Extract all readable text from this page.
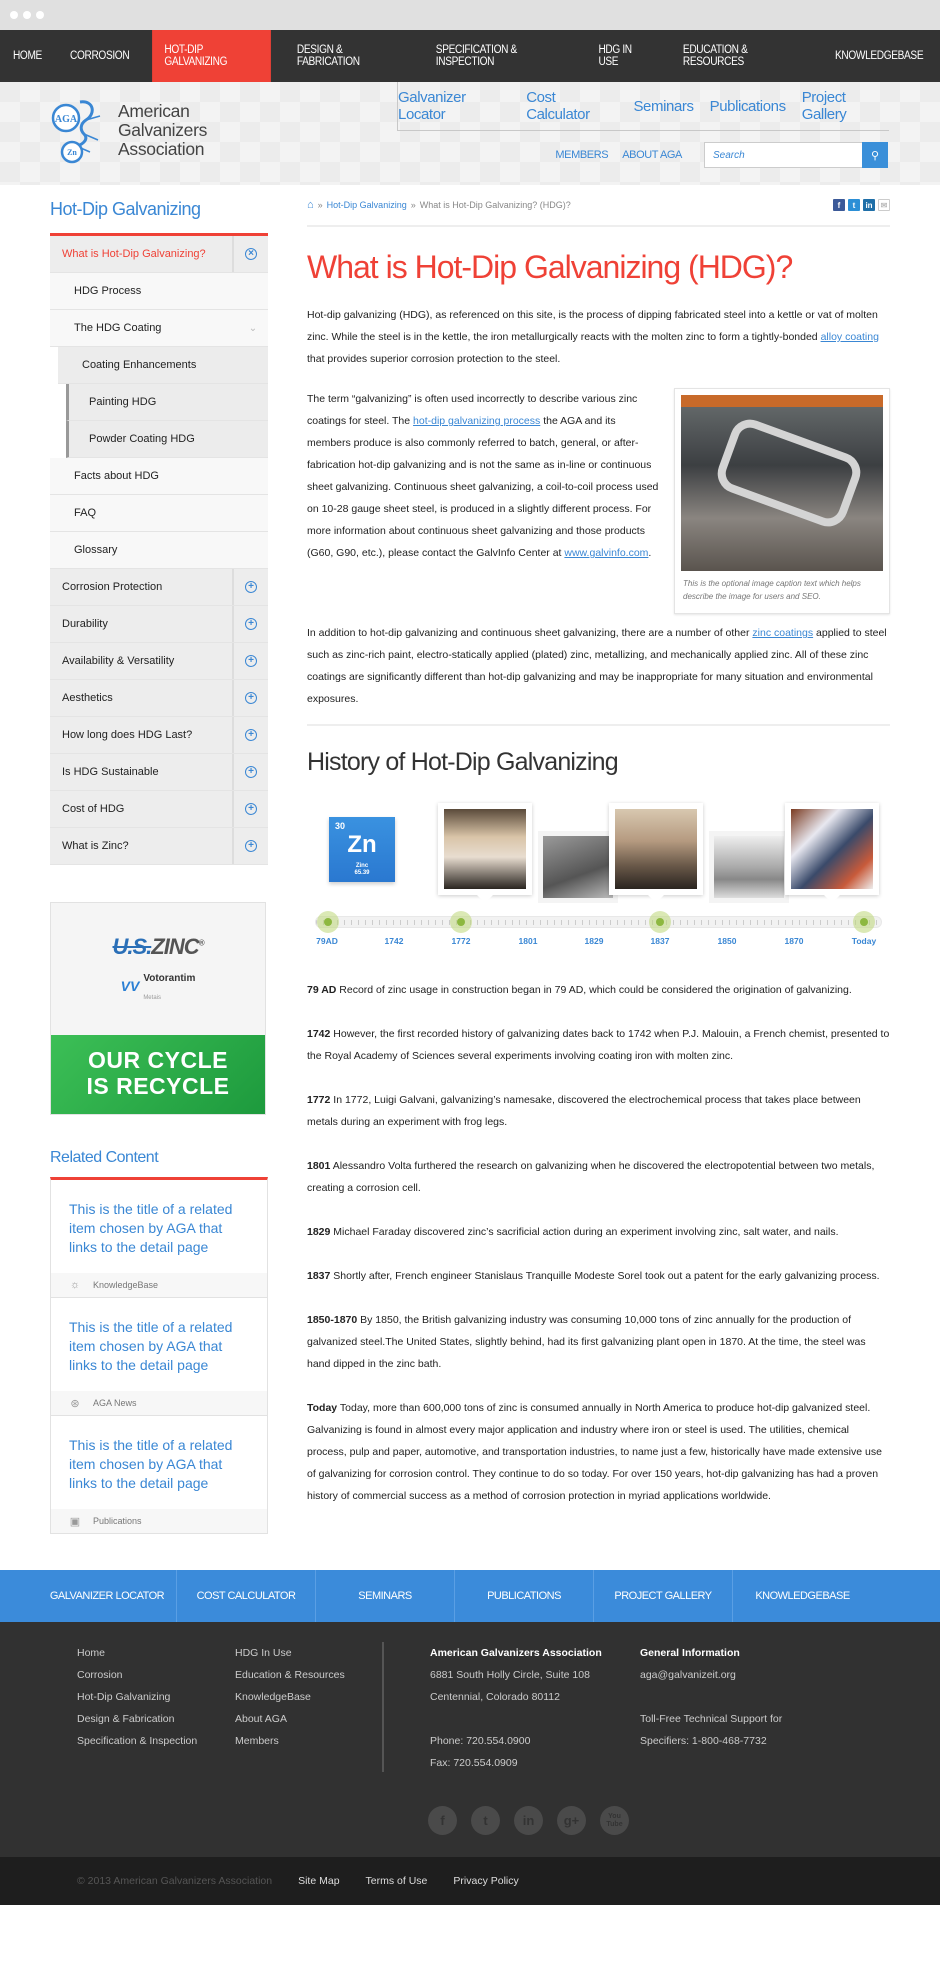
HOME	CORROSION	HOT-DIP GALVANIZING
DESIGN & FABRICATION
SPECIFICATION & INSPECTION
HDG IN USE
EDUCATION & RESOURCES	KNOWLEDGEBASE
AGA
Zn
American
Galvanizers
Association
Galvanizer Locator
Cost Calculator	Seminars Publications Project Gallery
MEMBERS ABOUT AGA
Search	⚲
Hot-Dip Galvanizing
What is Hot-Dip Galvanizing?	×
HDG Process
The HDG Coating	⌄
Coating Enhancements
Painting HDG
Powder Coating HDG
Facts about HDG
FAQ
Glossary
Corrosion Protection	+
Durability	+
Availability & Versatility	+
Aesthetics	+
How long does HDG Last?	+
Is HDG Sustainable	+
Cost of HDG	+
What is Zinc?	+
U.S.ZINC®
VV Votorantim
Metais
OUR CYCLE
IS RECYCLE
Related Content
This is the title of a related item chosen by AGA that links to the detail page
☼ KnowledgeBase
This is the title of a related item chosen by AGA that links to the detail page
⊛ AGA News
This is the title of a related item chosen by AGA that links to the detail page
▣ Publications
⌂ » Hot-Dip Galvanizing » What is Hot-Dip Galvanizing? (HDG)?	f	t	in	✉
What is Hot-Dip Galvanizing (HDG)?

Hot-dip galvanizing (HDG), as referenced on this site, is the process of dipping fabricated steel into a kettle or vat of molten zinc. While the steel is in the kettle, the iron metallurgically reacts with the molten zinc to form a tightly-bonded alloy coating that provides superior corrosion protection to the steel.

The term “galvanizing” is often used incorrectly to describe various zinc coatings for steel. The hot-dip galvanizing process the AGA and its members produce is also commonly referred to batch, general, or after-fabrication hot-dip galvanizing and is not the same as in-line or continuous sheet galvanizing. Continuous sheet galvanizing, a coil-to-coil process used on 10-28 gauge sheet steel, is produced in a slightly different process. For more information about continuous sheet galvanizing and those products (G60, G90, etc.), please contact the GalvInfo Center at www.galvinfo.com.

This is the optional image caption text which helps describe the image for users and SEO.

In addition to hot-dip galvanizing and continuous sheet galvanizing, there are a number of other zinc coatings applied to steel such as zinc-rich paint, electro-statically applied (plated) zinc, metallizing, and mechanically applied zinc. All of these zinc coatings are significantly different than hot-dip galvanizing and may be inappropriate for many situation and environmental exposures.

History of Hot-Dip Galvanizing
30
Zn
Zinc
65.39
79AD	1742	1772	1801	1829	1837	1850	1870	Today

79 AD Record of zinc usage in construction began in 79 AD, which could be considered the origination of galvanizing.

1742 However, the first recorded history of galvanizing dates back to 1742 when P.J. Malouin, a French chemist, presented to the Royal Academy of Sciences several experiments involving coating iron with molten zinc.

1772 In 1772, Luigi Galvani, galvanizing’s namesake, discovered the electrochemical process that takes place between metals during an experiment with frog legs.

1801 Alessandro Volta furthered the research on galvanizing when he discovered the electropotential between two metals, creating a corrosion cell.

1829 Michael Faraday discovered zinc’s sacrificial action during an experiment involving zinc, salt water, and nails.

1837 Shortly after, French engineer Stanislaus Tranquille Modeste Sorel took out a patent for the early galvanizing process.

1850-1870 By 1850, the British galvanizing industry was consuming 10,000 tons of zinc annually for the production of galvanized steel.The United States, slightly behind, had its first galvanizing plant open in 1870. At the time, the steel was hand dipped in the zinc bath.

Today Today, more than 600,000 tons of zinc is consumed annually in North America to produce hot-dip galvanized steel. Galvanizing is found in almost every major application and industry where iron or steel is used. The utilities, chemical process, pulp and paper, automotive, and transportation industries, to name just a few, historically have made extensive use of galvanizing for corrosion control. They continue to do so today. For over 150 years, hot-dip galvanizing has had a proven history of commercial success as a method of corrosion protection in myriad applications worldwide.

GALVANIZER LOCATOR	COST CALCULATOR	SEMINARS	PUBLICATIONS	PROJECT GALLERY	KNOWLEDGEBASE
Home
Corrosion
Hot-Dip Galvanizing
Design & Fabrication
Specification & Inspection
HDG In Use
Education & Resources
KnowledgeBase
About AGA
Members
American Galvanizers Association
6881 South Holly Circle, Suite 108
Centennial, Colorado 80112

Phone: 720.554.0900
Fax: 720.554.0909
General Information
aga@galvanizeit.org

Toll-Free Technical Support for
Specifiers: 1-800-468-7732
f	t	in	g+	You Tube
© 2013 American Galvanizers Association Site Map Terms of Use Privacy Policy
